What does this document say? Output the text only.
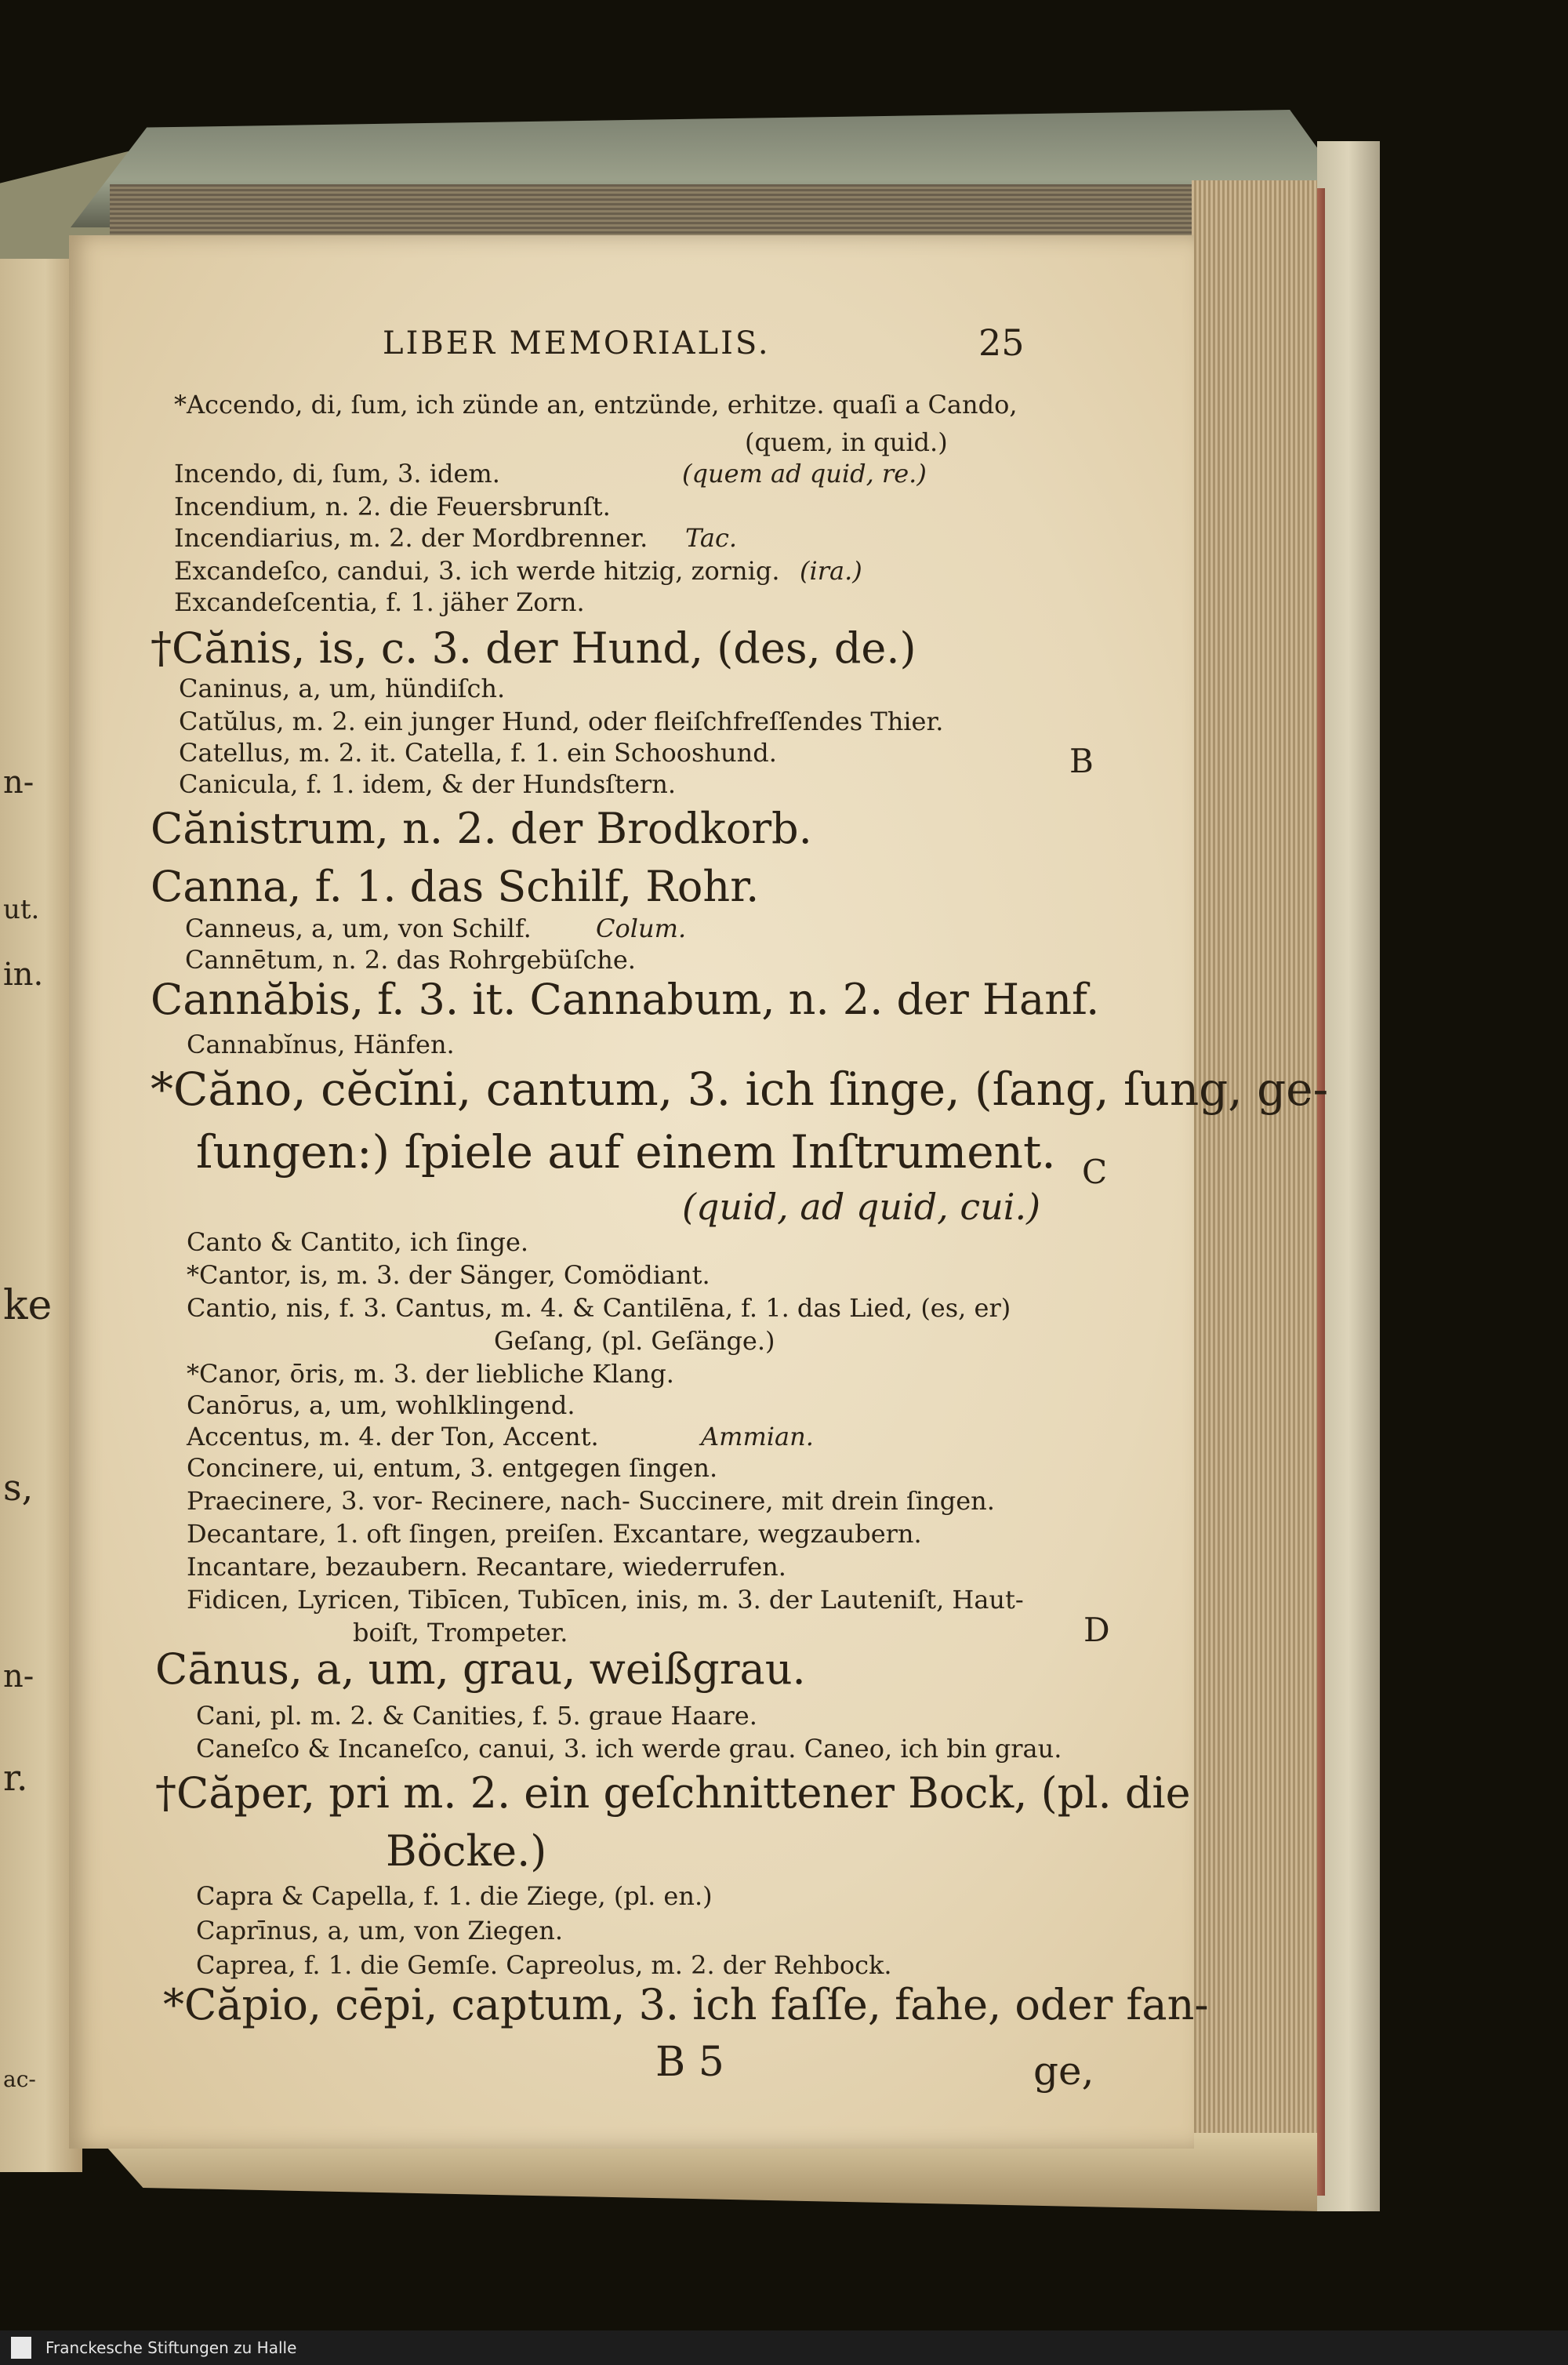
n-
ut.
in.
ke
s,
n-
r.
ac-
LIBER MEMORIALIS.	25
*Accendo, di, ſum, ich zünde an, entzünde, erhitze. quaſi a Cando,
(quem, in quid.)
Incendo, di, ſum, 3. idem.	(quem ad quid, re.)
Incendium, n. 2. die Feuersbrunſt.
Incendiarius, m. 2. der Mordbrenner. Tac.
Excandeſco, candui, 3. ich werde hitzig, zornig. (ira.)
Excandeſcentia, f. 1. jäher Zorn.
†Cănis, is, c. 3. der Hund, (des, de.)
Caninus, a, um, hündiſch.
Catŭlus, m. 2. ein junger Hund, oder fleiſchfreſſendes Thier.
Catellus, m. 2. it. Catella, f. 1. ein Schooshund.	B
Canicula, f. 1. idem, & der Hundsſtern.
Cănistrum, n. 2. der Brodkorb.
Canna, f. 1. das Schilf, Rohr.
Canneus, a, um, von Schilf.	Colum.
Cannētum, n. 2. das Rohrgebüſche.
Cannăbis, f. 3. it. Cannabum, n. 2. der Hanf.
Cannabĭnus, Hänfen.
*Căno, cĕcĭni, cantum, 3. ich ſinge, (ſang, ſung, ge-
ſungen:) ſpiele auf einem Inſtrument.
(quid, ad quid, cui.)
C
Canto & Cantito, ich ſinge.
*Cantor, is, m. 3. der Sänger, Comödiant.
Cantio, nis, f. 3. Cantus, m. 4. & Cantilēna, f. 1. das Lied, (es, er)
Geſang, (pl. Geſänge.)
*Canor, ōris, m. 3. der liebliche Klang.
Canōrus, a, um, wohlklingend.
Accentus, m. 4. der Ton, Accent.	Ammian.
Concinere, ui, entum, 3. entgegen ſingen.
Praecinere, 3. vor- Recinere, nach- Succinere, mit drein ſingen.
Decantare, 1. oft ſingen, preiſen. Excantare, wegzaubern.
Incantare, bezaubern. Recantare, wiederrufen.
Fidicen, Lyricen, Tibīcen, Tubīcen, inis, m. 3. der Lauteniſt, Haut-
boiſt, Trompeter.	D
Cānus, a, um, grau, weißgrau.
Cani, pl. m. 2. & Canities, f. 5. graue Haare.
Caneſco & Incaneſco, canui, 3. ich werde grau. Caneo, ich bin grau.
†Căper, pri m. 2. ein geſchnittener Bock, (pl. die
Böcke.)
Capra & Capella, f. 1. die Ziege, (pl. en.)
Caprīnus, a, um, von Ziegen.
Caprea, f. 1. die Gemſe. Capreolus, m. 2. der Rehbock.
*Căpio, cēpi, captum, 3. ich faſſe, fahe, oder fan-
B 5	ge,
Franckesche Stiftungen zu Halle
